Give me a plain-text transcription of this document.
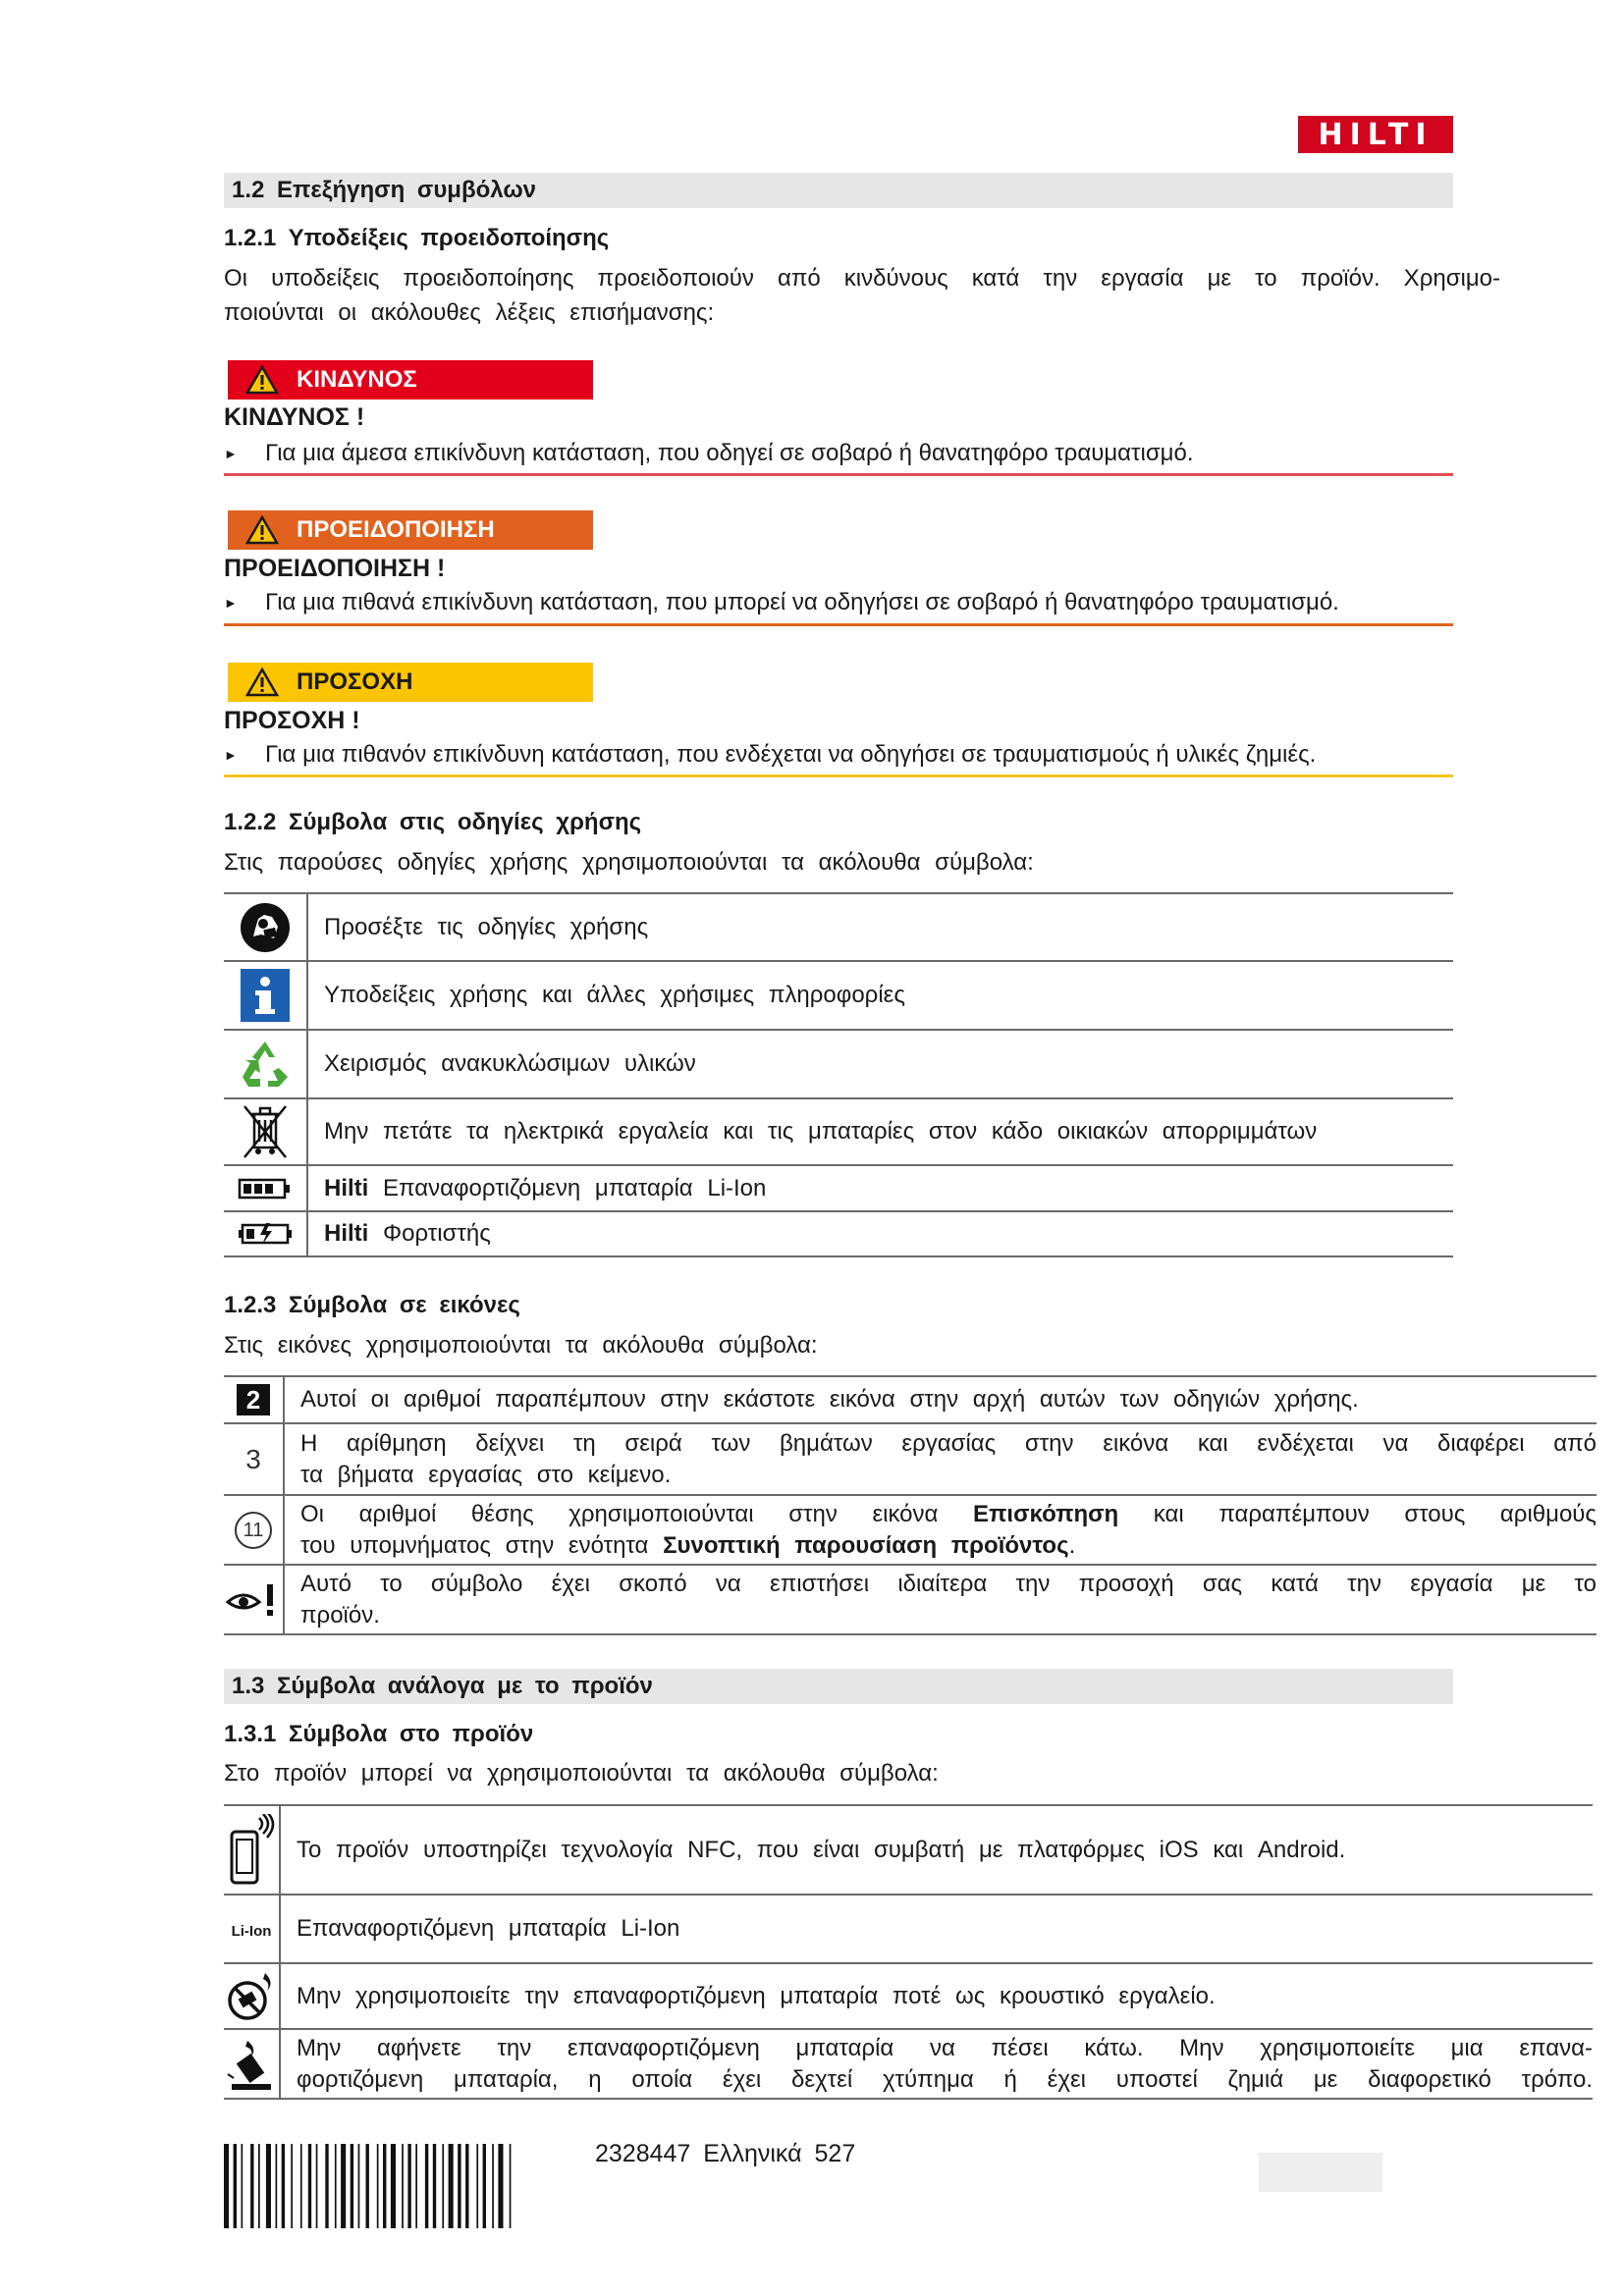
HILTI
1.2 Επεξήγηση συμβόλων
1.2.1 Υποδείξεις προειδοποίησης
Οι υποδείξεις προειδοποίησης προειδοποιούν από κινδύνους κατά την εργασία με το προϊόν. Χρησιμο-
ποιούνται οι ακόλουθες λέξεις επισήμανσης:
ΚΙΝΔΥΝΟΣ
ΚΙΝΔΥΝΟΣ !
►	Για μια άμεσα επικίνδυνη κατάσταση, που οδηγεί σε σοβαρό ή θανατηφόρο τραυματισμό.
ΠΡΟΕΙΔΟΠΟΙΗΣΗ
ΠΡΟΕΙΔΟΠΟΙΗΣΗ !
►	Για μια πιθανά επικίνδυνη κατάσταση, που μπορεί να οδηγήσει σε σοβαρό ή θανατηφόρο τραυματισμό.
ΠΡΟΣΟΧΗ
ΠΡΟΣΟΧΗ !
►	Για μια πιθανόν επικίνδυνη κατάσταση, που ενδέχεται να οδηγήσει σε τραυματισμούς ή υλικές ζημιές.
1.2.2 Σύμβολα στις οδηγίες χρήσης
Στις παρούσες οδηγίες χρήσης χρησιμοποιούνται τα ακόλουθα σύμβολα:
	Προσέξτε τις οδηγίες χρήσης

	Υποδείξεις χρήσης και άλλες χρήσιμες πληροφορίες

	Χειρισμός ανακυκλώσιμων υλικών

	Μην πετάτε τα ηλεκτρικά εργαλεία και τις μπαταρίες στον κάδο οικιακών απορριμμάτων

	Hilti Επαναφορτιζόμενη μπαταρία Li-Ion

	Hilti Φορτιστής
1.2.3 Σύμβολα σε εικόνες
Στις εικόνες χρησιμοποιούνται τα ακόλουθα σύμβολα:
2	Αυτοί οι αριθμοί παραπέμπουν στην εκάστοτε εικόνα στην αρχή αυτών των οδηγιών χρήσης.
3	Η αρίθμηση δείχνει τη σειρά των βημάτων εργασίας στην εικόνα και ενδέχεται να διαφέρει από
τα βήματα εργασίας στο κείμενο.
11	Οι αριθμοί θέσης χρησιμοποιούνται στην εικόνα Επισκόπηση και παραπέμπουν στους αριθμούς
του υπομνήματος στην ενότητα Συνοπτική παρουσίαση προϊόντος.

Αυτό το σύμβολο έχει σκοπό να επιστήσει ιδιαίτερα την προσοχή σας κατά την εργασία με το
προϊόν.
1.3 Σύμβολα ανάλογα με το προϊόν
1.3.1 Σύμβολα στο προϊόν
Στο προϊόν μπορεί να χρησιμοποιούνται τα ακόλουθα σύμβολα:
	Το προϊόν υποστηρίζει τεχνολογία NFC, που είναι συμβατή με πλατφόρμες iOS και Android.
Li-Ion	Επαναφορτιζόμενη μπαταρία Li-Ion

	Μην χρησιμοποιείτε την επαναφορτιζόμενη μπαταρία ποτέ ως κρουστικό εργαλείο.

Μην αφήνετε την επαναφορτιζόμενη μπαταρία να πέσει κάτω. Μην χρησιμοποιείτε μια επανα-
φορτιζόμενη μπαταρία, η οποία έχει δεχτεί χτύπημα ή έχει υποστεί ζημιά με διαφορετικό τρόπο.
2328447 Ελληνικά 527
